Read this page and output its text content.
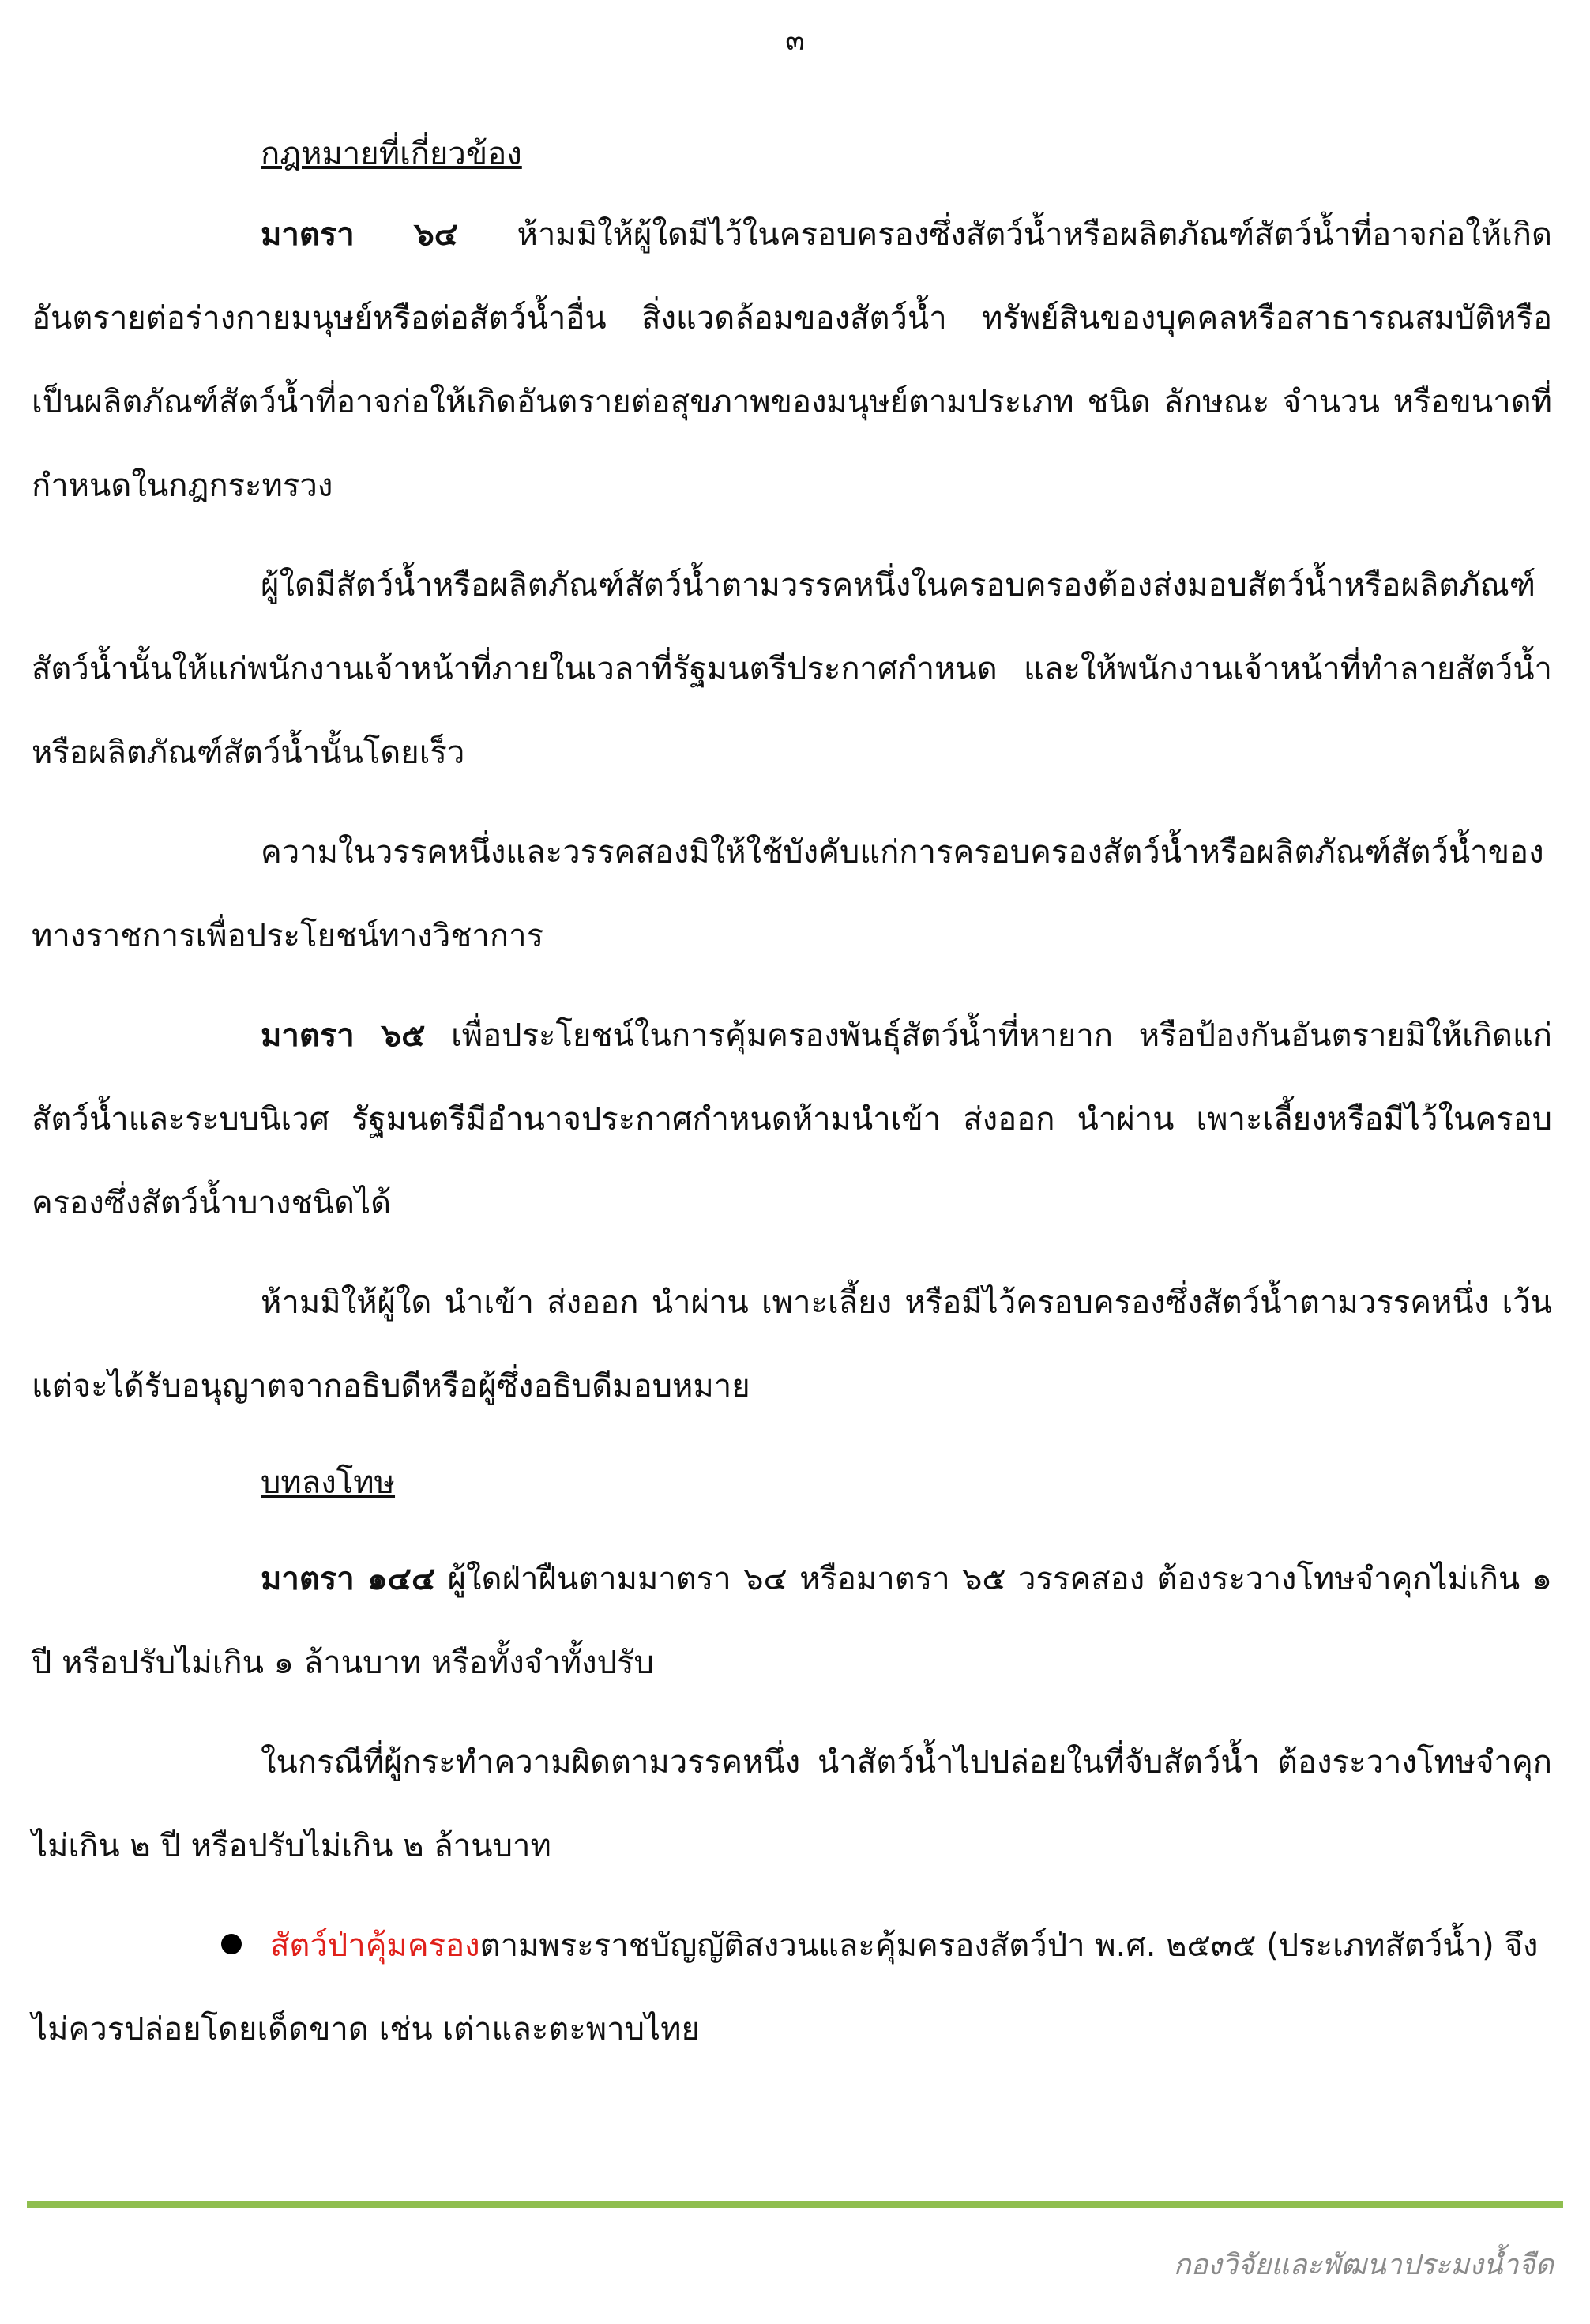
๓
กฎหมายที่เกี่ยวข้อง

มาตรา ๖๔ ห้ามมิให้ผู้ใดมีไว้ในครอบครองซึ่งสัตว์น้ำหรือผลิตภัณฑ์สัตว์น้ำที่อาจก่อให้เกิดอันตรายต่อร่างกายมนุษย์หรือต่อสัตว์น้ำอื่น สิ่งแวดล้อมของสัตว์น้ำ ทรัพย์สินของบุคคลหรือสาธารณสมบัติหรือเป็นผลิตภัณฑ์สัตว์น้ำที่อาจก่อให้เกิดอันตรายต่อสุขภาพของมนุษย์ตามประเภท ชนิด ลักษณะ จำนวน หรือขนาดที่กำหนดในกฎกระทรวง

ผู้ใดมีสัตว์น้ำหรือผลิตภัณฑ์สัตว์น้ำตามวรรคหนึ่งในครอบครองต้องส่งมอบสัตว์น้ำหรือผลิตภัณฑ์สัตว์น้ำนั้นให้แก่พนักงานเจ้าหน้าที่ภายในเวลาที่รัฐมนตรีประกาศกำหนด และให้พนักงานเจ้าหน้าที่ทำลายสัตว์น้ำหรือผลิตภัณฑ์สัตว์น้ำนั้นโดยเร็ว

ความในวรรคหนึ่งและวรรคสองมิให้ใช้บังคับแก่การครอบครองสัตว์น้ำหรือผลิตภัณฑ์สัตว์น้ำของทางราชการเพื่อประโยชน์ทางวิชาการ

มาตรา ๖๕ เพื่อประโยชน์ในการคุ้มครองพันธุ์สัตว์น้ำที่หายาก หรือป้องกันอันตรายมิให้เกิดแก่สัตว์น้ำและระบบนิเวศ รัฐมนตรีมีอำนาจประกาศกำหนดห้ามนำเข้า ส่งออก นำผ่าน เพาะเลี้ยงหรือมีไว้ในครอบครองซึ่งสัตว์น้ำบางชนิดได้

ห้ามมิให้ผู้ใด นำเข้า ส่งออก นำผ่าน เพาะเลี้ยง หรือมีไว้ครอบครองซึ่งสัตว์น้ำตามวรรคหนึ่ง เว้นแต่จะได้รับอนุญาตจากอธิบดีหรือผู้ซึ่งอธิบดีมอบหมาย

บทลงโทษ

มาตรา ๑๔๔ ผู้ใดฝ่าฝืนตามมาตรา ๖๔ หรือมาตรา ๖๕ วรรคสอง ต้องระวางโทษจำคุกไม่เกิน ๑ ปี หรือปรับไม่เกิน ๑ ล้านบาท หรือทั้งจำทั้งปรับ

ในกรณีที่ผู้กระทำความผิดตามวรรคหนึ่ง นำสัตว์น้ำไปปล่อยในที่จับสัตว์น้ำ ต้องระวางโทษจำคุกไม่เกิน ๒ ปี หรือปรับไม่เกิน ๒ ล้านบาท

สัตว์ป่าคุ้มครองตามพระราชบัญญัติสงวนและคุ้มครองสัตว์ป่า พ.ศ. ๒๕๓๕ (ประเภทสัตว์น้ำ) จึงไม่ควรปล่อยโดยเด็ดขาด เช่น เต่าและตะพาบไทย

กองวิจัยและพัฒนาประมงน้ำจืด
